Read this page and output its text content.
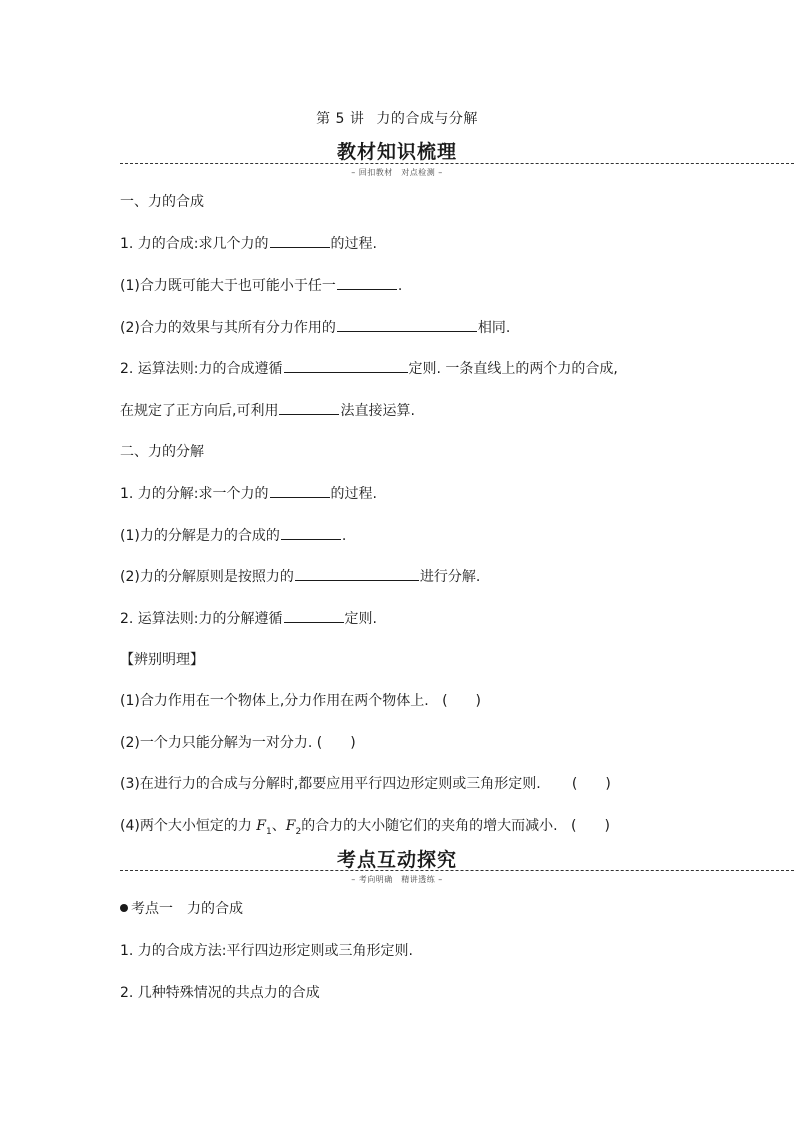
第 5 讲 力的合成与分解
教材知识梳理
– 回扣教材　对点检测 –
一、力的合成
1. 力的合成:求几个力的	的过程.
(1)合力既可能大于也可能小于任一	.
(2)合力的效果与其所有分力作用的	相同.
2. 运算法则:力的合成遵循	定则. 一条直线上的两个力的合成,
在规定了正方向后,可利用	法直接运算.
二、力的分解
1. 力的分解:求一个力的	的过程.
(1)力的分解是力的合成的	.
(2)力的分解原则是按照力的	进行分解.
2. 运算法则:力的分解遵循	定则.
【辨别明理】
(1)合力作用在一个物体上,分力作用在两个物体上. (　　)
(2)一个力只能分解为一对分力. (　　)
(3)在进行力的合成与分解时,都要应用平行四边形定则或三角形定则. (　　)
(4)两个大小恒定的力 $F_1$、$F_2$的合力的大小随它们的夹角的增大而减小. (　　)
考点互动探究
– 考向明确　精讲透练 –
考点一　力的合成
1. 力的合成方法:平行四边形定则或三角形定则.
2. 几种特殊情况的共点力的合成
